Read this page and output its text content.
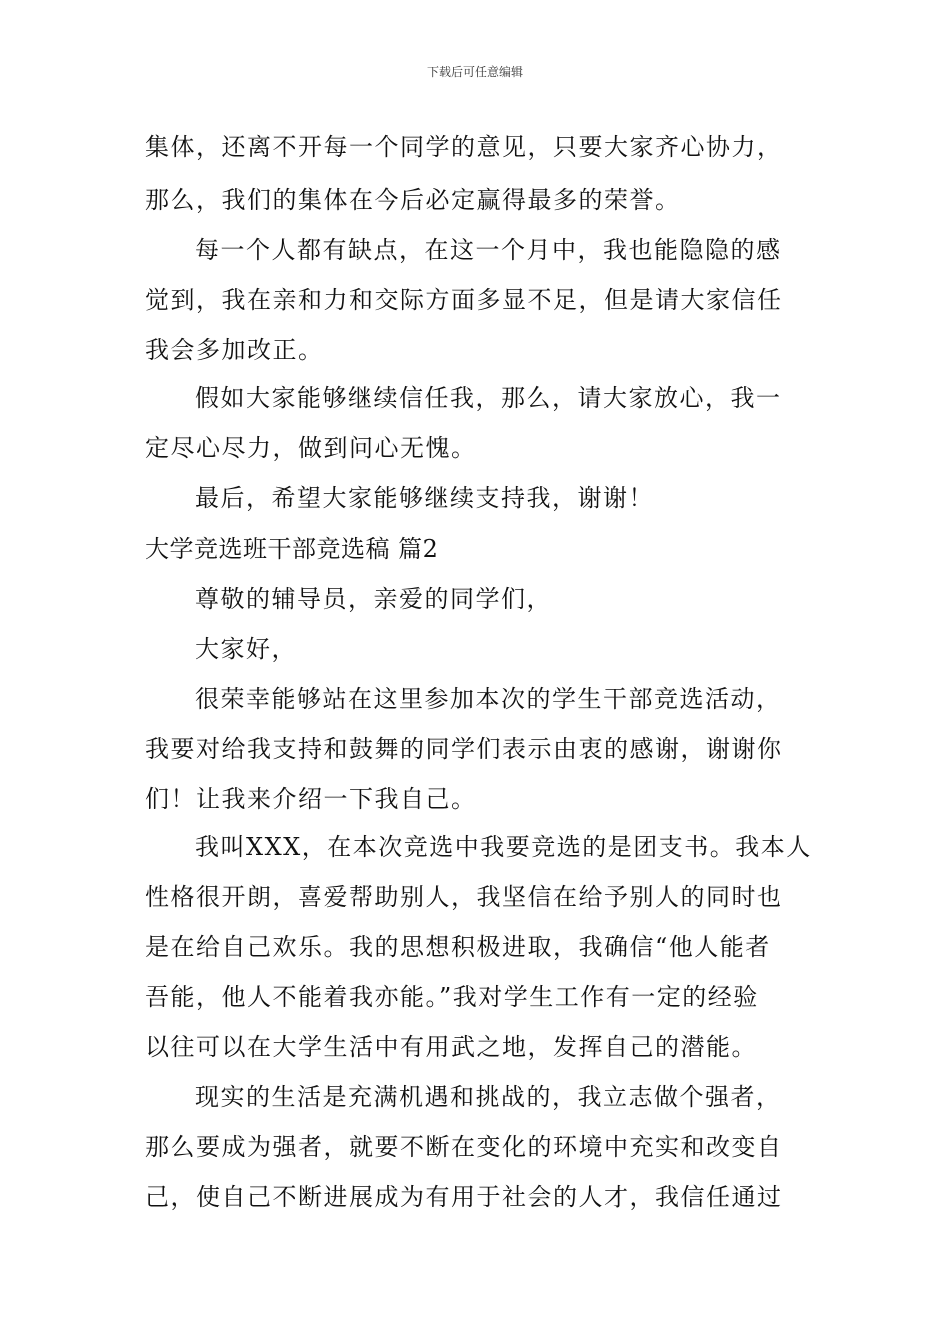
下载后可任意编辑
集体，还离不开每一个同学的意见，只要大家齐心协力，
那么，我们的集体在今后必定赢得最多的荣誉。
每一个人都有缺点，在这一个月中，我也能隐隐的感
觉到，我在亲和力和交际方面多显不足，但是请大家信任
我会多加改正。
假如大家能够继续信任我，那么，请大家放心，我一
定尽心尽力，做到问心无愧。
最后，希望大家能够继续支持我，谢谢！
大学竞选班干部竞选稿 篇2
尊敬的辅导员，亲爱的同学们，
大家好，
很荣幸能够站在这里参加本次的学生干部竞选活动，
我要对给我支持和鼓舞的同学们表示由衷的感谢，谢谢你
们！让我来介绍一下我自己。
我叫XXX，在本次竞选中我要竞选的是团支书。我本人
性格很开朗，喜爱帮助别人，我坚信在给予别人的同时也
是在给自己欢乐。我的思想积极进取，我确信“他人能者
吾能，他人不能着我亦能。”我对学生工作有一定的经验
以往可以在大学生活中有用武之地，发挥自己的潜能。
现实的生活是充满机遇和挑战的，我立志做个强者，
那么要成为强者，就要不断在变化的环境中充实和改变自
己，使自己不断进展成为有用于社会的人才，我信任通过
